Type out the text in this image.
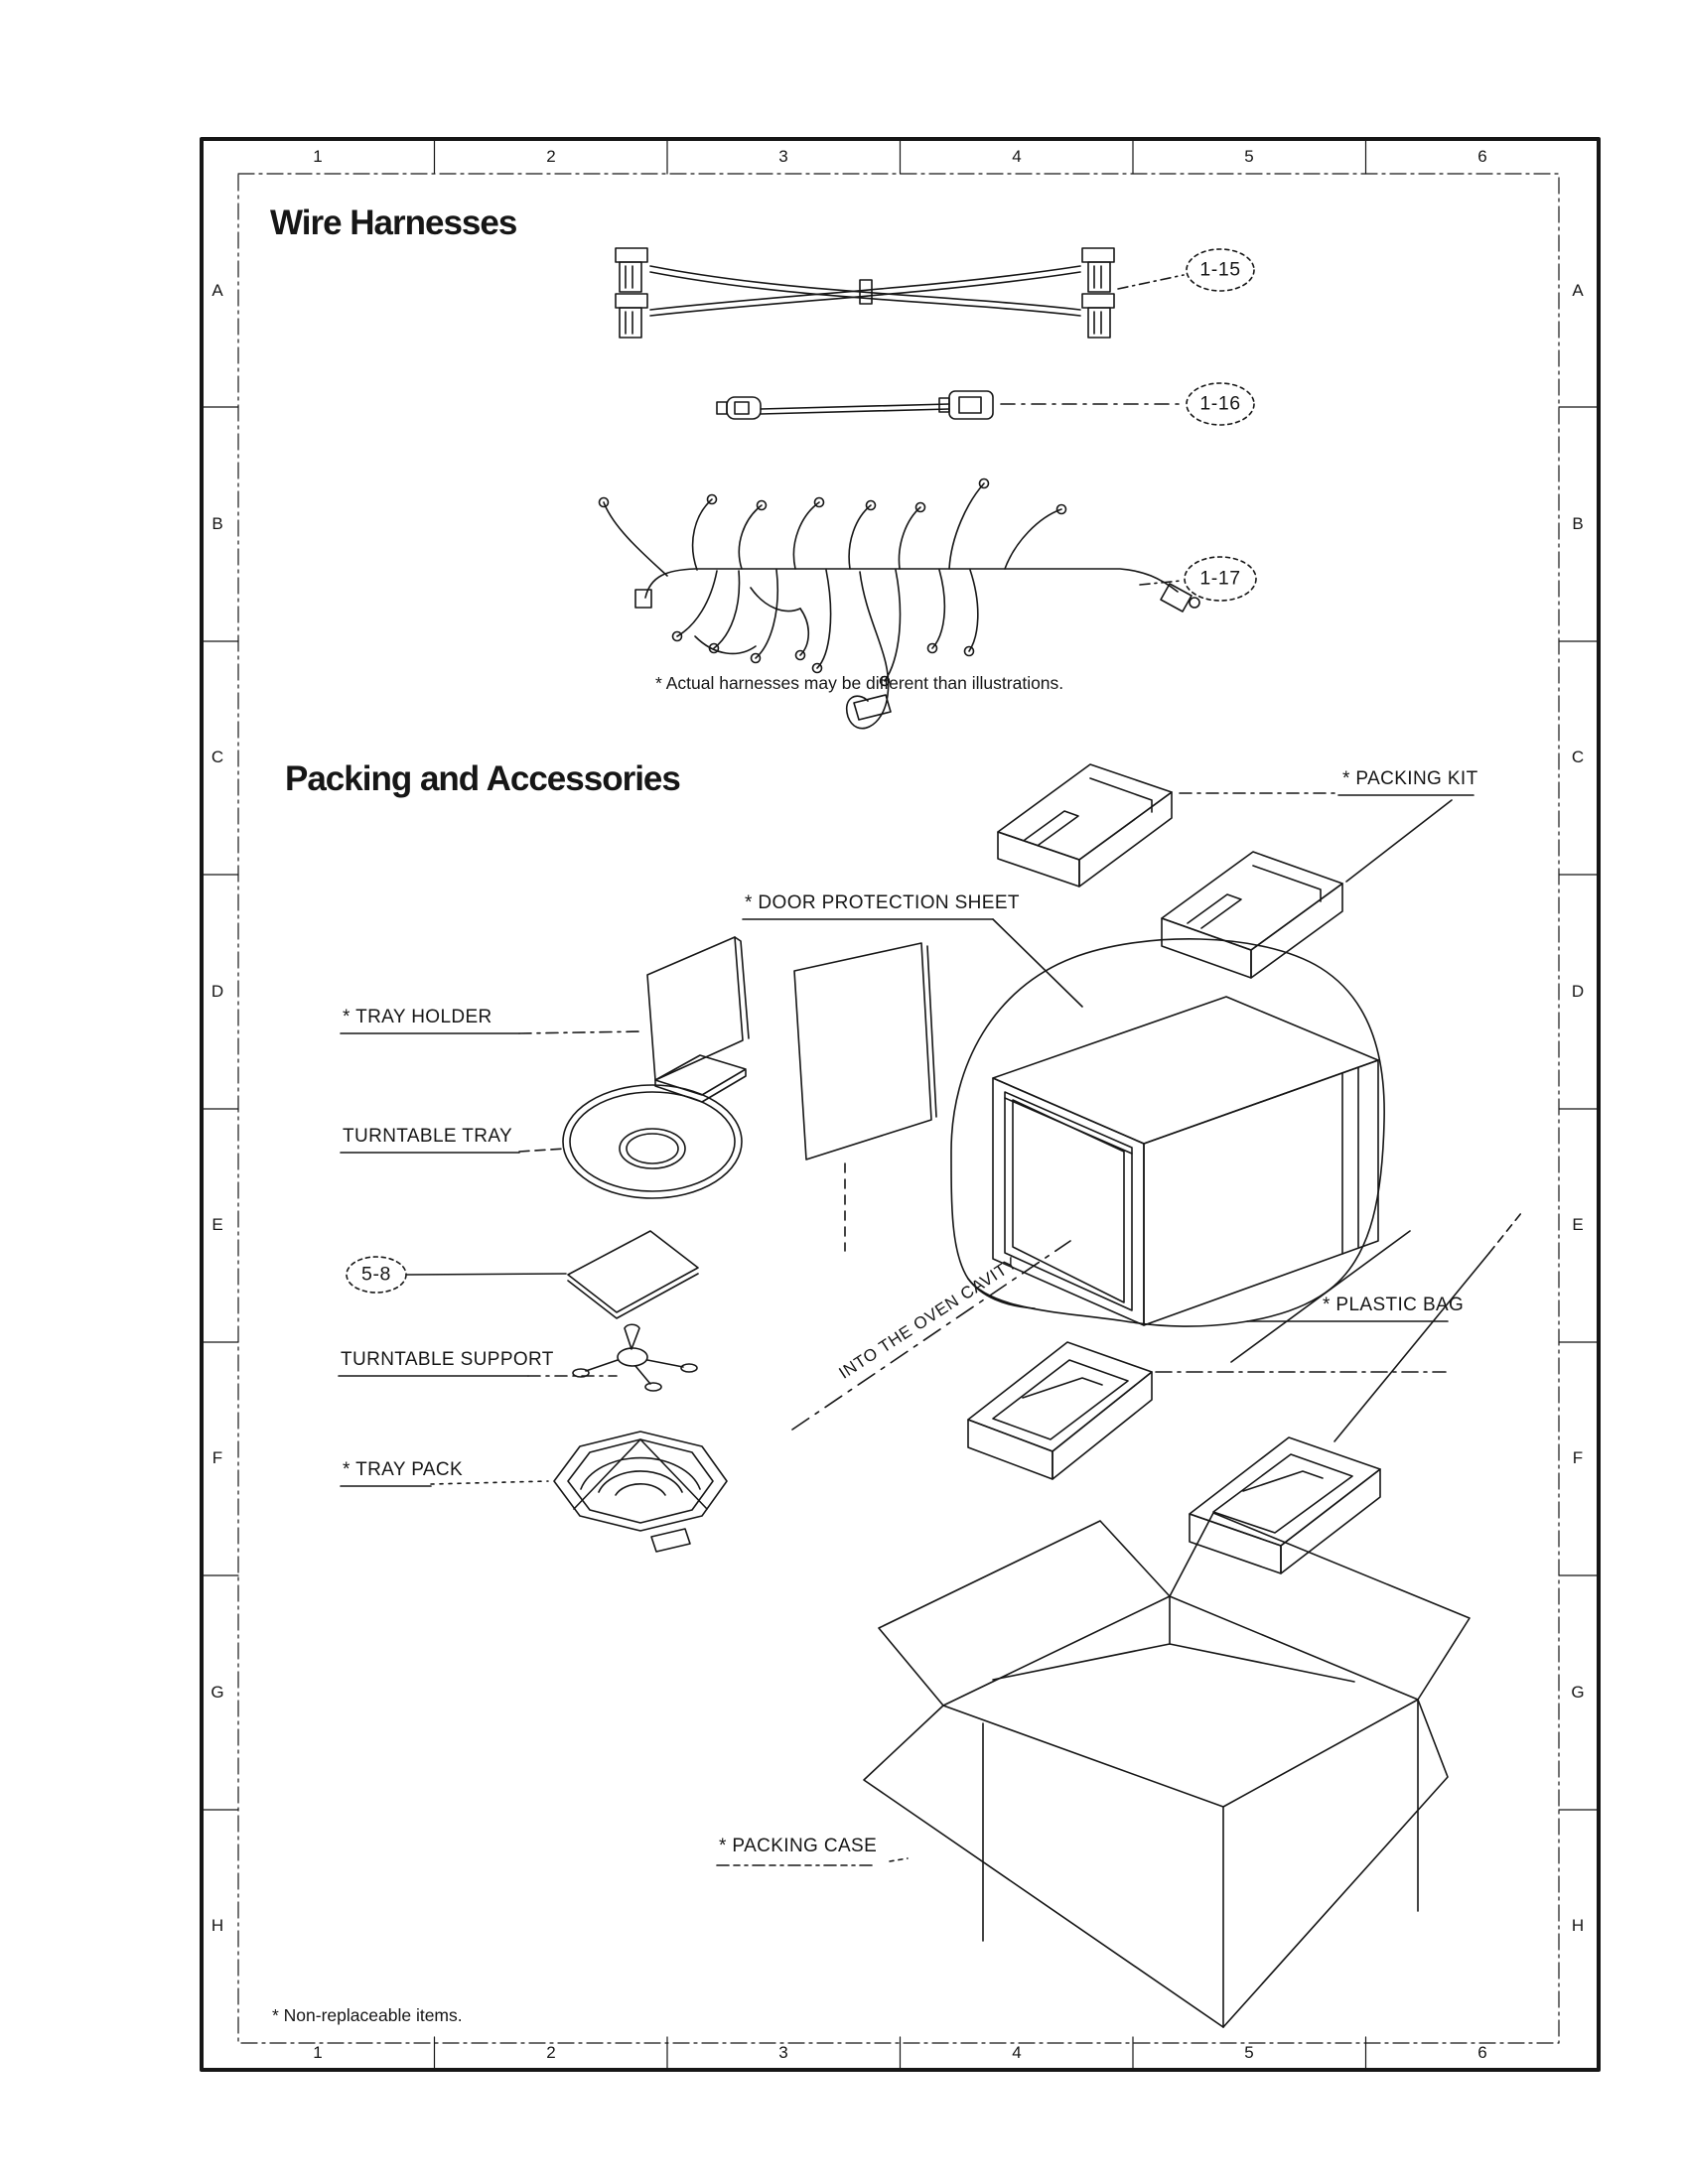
Wire Harnesses
Packing and Accessories
* Actual harnesses may be different than illustrations.
* Non-replaceable items.
1-15
1-16
1-17
5-8
* PACKING KIT
* DOOR PROTECTION SHEET
* TRAY HOLDER
TURNTABLE TRAY
TURNTABLE SUPPORT
* TRAY PACK
* PLASTIC BAG
INTO THE OVEN CAVITY
* PACKING CASE
1	2	3	4	5	6
1	2	3	4	5	6
A
B
C
D
E
F
G
H
A
B
C
D
E
F
G
H
